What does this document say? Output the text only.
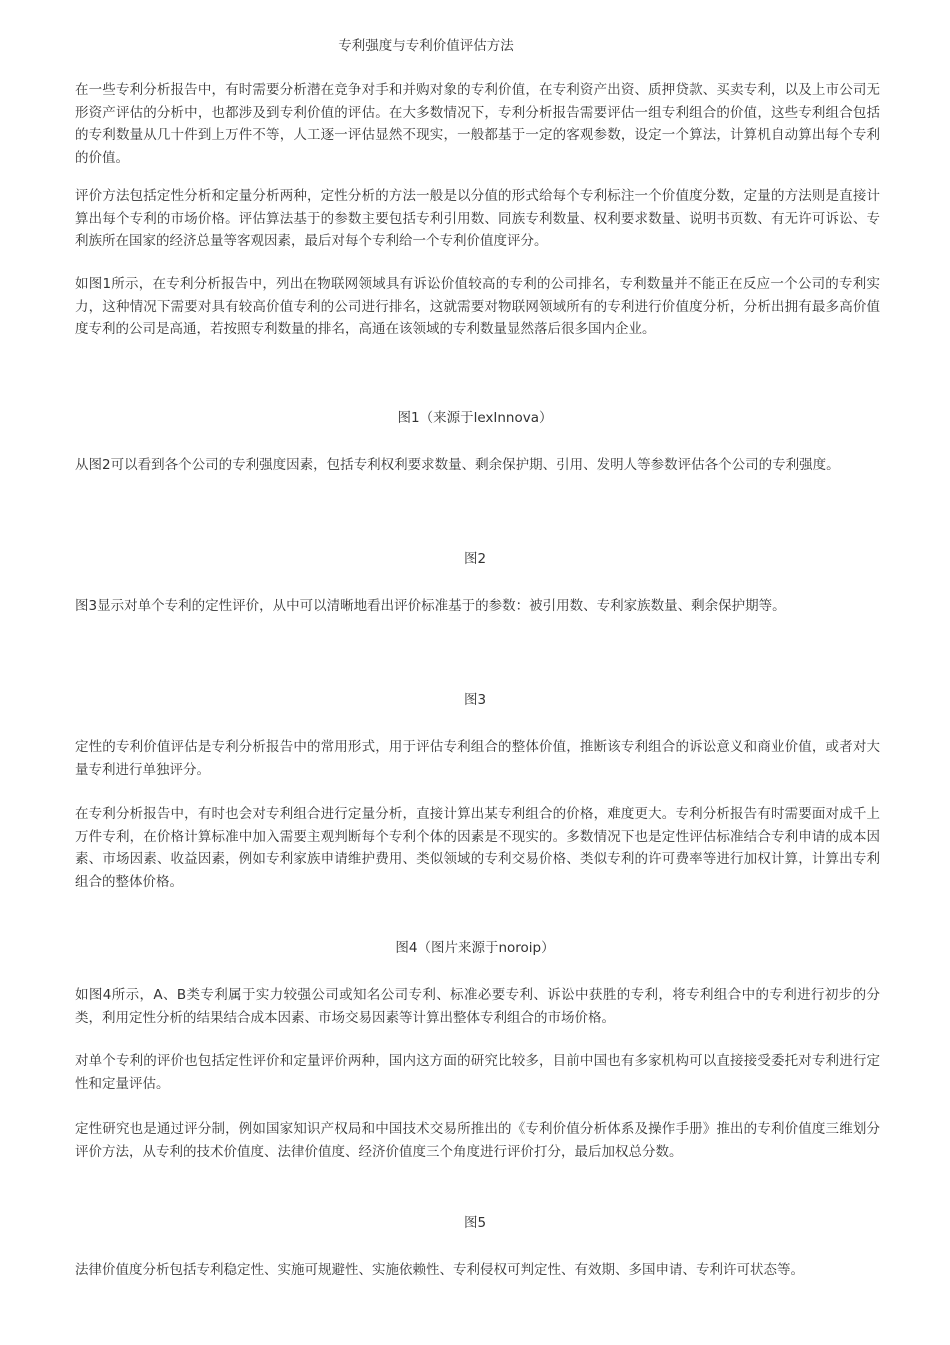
专利强度与专利价值评估方法

在一些专利分析报告中，有时需要分析潜在竞争对手和并购对象的专利价值，在专利资产出资、质押贷款、买卖专利，以及上市公司无形资产评估的分析中，也都涉及到专利价值的评估。在大多数情况下，专利分析报告需要评估一组专利组合的价值，这些专利组合包括的专利数量从几十件到上万件不等，人工逐一评估显然不现实，一般都基于一定的客观参数，设定一个算法，计算机自动算出每个专利的价值。

评价方法包括定性分析和定量分析两种，定性分析的方法一般是以分值的形式给每个专利标注一个价值度分数，定量的方法则是直接计算出每个专利的市场价格。评估算法基于的参数主要包括专利引用数、同族专利数量、权利要求数量、说明书页数、有无许可诉讼、专利族所在国家的经济总量等客观因素，最后对每个专利给一个专利价值度评分。

如图1所示，在专利分析报告中，列出在物联网领域具有诉讼价值较高的专利的公司排名，专利数量并不能正在反应一个公司的专利实力，这种情况下需要对具有较高价值专利的公司进行排名，这就需要对物联网领域所有的专利进行价值度分析，分析出拥有最多高价值度专利的公司是高通，若按照专利数量的排名，高通在该领域的专利数量显然落后很多国内企业。

图1（来源于lexInnova）

从图2可以看到各个公司的专利强度因素，包括专利权利要求数量、剩余保护期、引用、发明人等参数评估各个公司的专利强度。

图2

图3显示对单个专利的定性评价，从中可以清晰地看出评价标准基于的参数：被引用数、专利家族数量、剩余保护期等。

图3

定性的专利价值评估是专利分析报告中的常用形式，用于评估专利组合的整体价值，推断该专利组合的诉讼意义和商业价值，或者对大量专利进行单独评分。

在专利分析报告中，有时也会对专利组合进行定量分析，直接计算出某专利组合的价格，难度更大。专利分析报告有时需要面对成千上万件专利，在价格计算标准中加入需要主观判断每个专利个体的因素是不现实的。多数情况下也是定性评估标准结合专利申请的成本因素、市场因素、收益因素，例如专利家族申请维护费用、类似领域的专利交易价格、类似专利的许可费率等进行加权计算，计算出专利组合的整体价格。

图4（图片来源于noroip）

如图4所示，A、B类专利属于实力较强公司或知名公司专利、标准必要专利、诉讼中获胜的专利，将专利组合中的专利进行初步的分类，利用定性分析的结果结合成本因素、市场交易因素等计算出整体专利组合的市场价格。

对单个专利的评价也包括定性评价和定量评价两种，国内这方面的研究比较多，目前中国也有多家机构可以直接接受委托对专利进行定性和定量评估。

定性研究也是通过评分制，例如国家知识产权局和中国技术交易所推出的《专利价值分析体系及操作手册》推出的专利价值度三维划分评价方法，从专利的技术价值度、法律价值度、经济价值度三个角度进行评价打分，最后加权总分数。

图5

法律价值度分析包括专利稳定性、实施可规避性、实施依赖性、专利侵权可判定性、有效期、多国申请、专利许可状态等。
